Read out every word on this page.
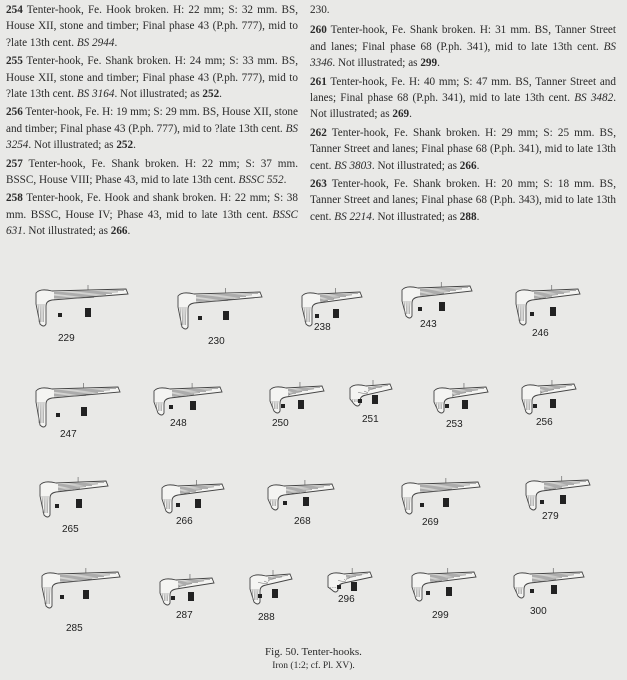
254 Tenter-hook, Fe. Hook broken. H: 22 mm; S: 32 mm. BS, House XII, stone and timber; Final phase 43 (P.ph. 777), mid to ?late 13th cent. BS 2944.

255 Tenter-hook, Fe. Shank broken. H: 24 mm; S: 33 mm. BS, House XII, stone and timber; Final phase 43 (P.ph. 777), mid to ?late 13th cent. BS 3164. Not illustrated; as 252.

256 Tenter-hook, Fe. H: 19 mm; S: 29 mm. BS, House XII, stone and timber; Final phase 43 (P.ph. 777), mid to ?late 13th cent. BS 3254. Not illustrated; as 252.

257 Tenter-hook, Fe. Shank broken. H: 22 mm; S: 37 mm. BSSC, House VIII; Phase 43, mid to late 13th cent. BSSC 552.

258 Tenter-hook, Fe. Hook and shank broken. H: 22 mm; S: 38 mm. BSSC, House IV; Phase 43, mid to late 13th cent. BSSC 631. Not illustrated; as 266.

230.

260 Tenter-hook, Fe. Shank broken. H: 31 mm. BS, Tanner Street and lanes; Final phase 68 (P.ph. 341), mid to late 13th cent. BS 3346. Not illustrated; as 299.

261 Tenter-hook, Fe. H: 40 mm; S: 47 mm. BS, Tanner Street and lanes; Final phase 68 (P.ph. 341), mid to late 13th cent. BS 3482. Not illustrated; as 269.

262 Tenter-hook, Fe. Shank broken. H: 29 mm; S: 25 mm. BS, Tanner Street and lanes; Final phase 68 (P.ph. 341), mid to late 13th cent. BS 3803. Not illustrated; as 266.

263 Tenter-hook, Fe. Shank broken. H: 20 mm; S: 18 mm. BS, Tanner Street and lanes; Final phase 68 (P.ph. 343), mid to late 13th cent. BS 2214. Not illustrated; as 288.

229	230
238	243
246
247
248	250	251	253	256
265
266	268	269
279
285
287	288
296
299	300
Fig. 50. Tenter-hooks.
Iron (1:2; cf. Pl. XV).
